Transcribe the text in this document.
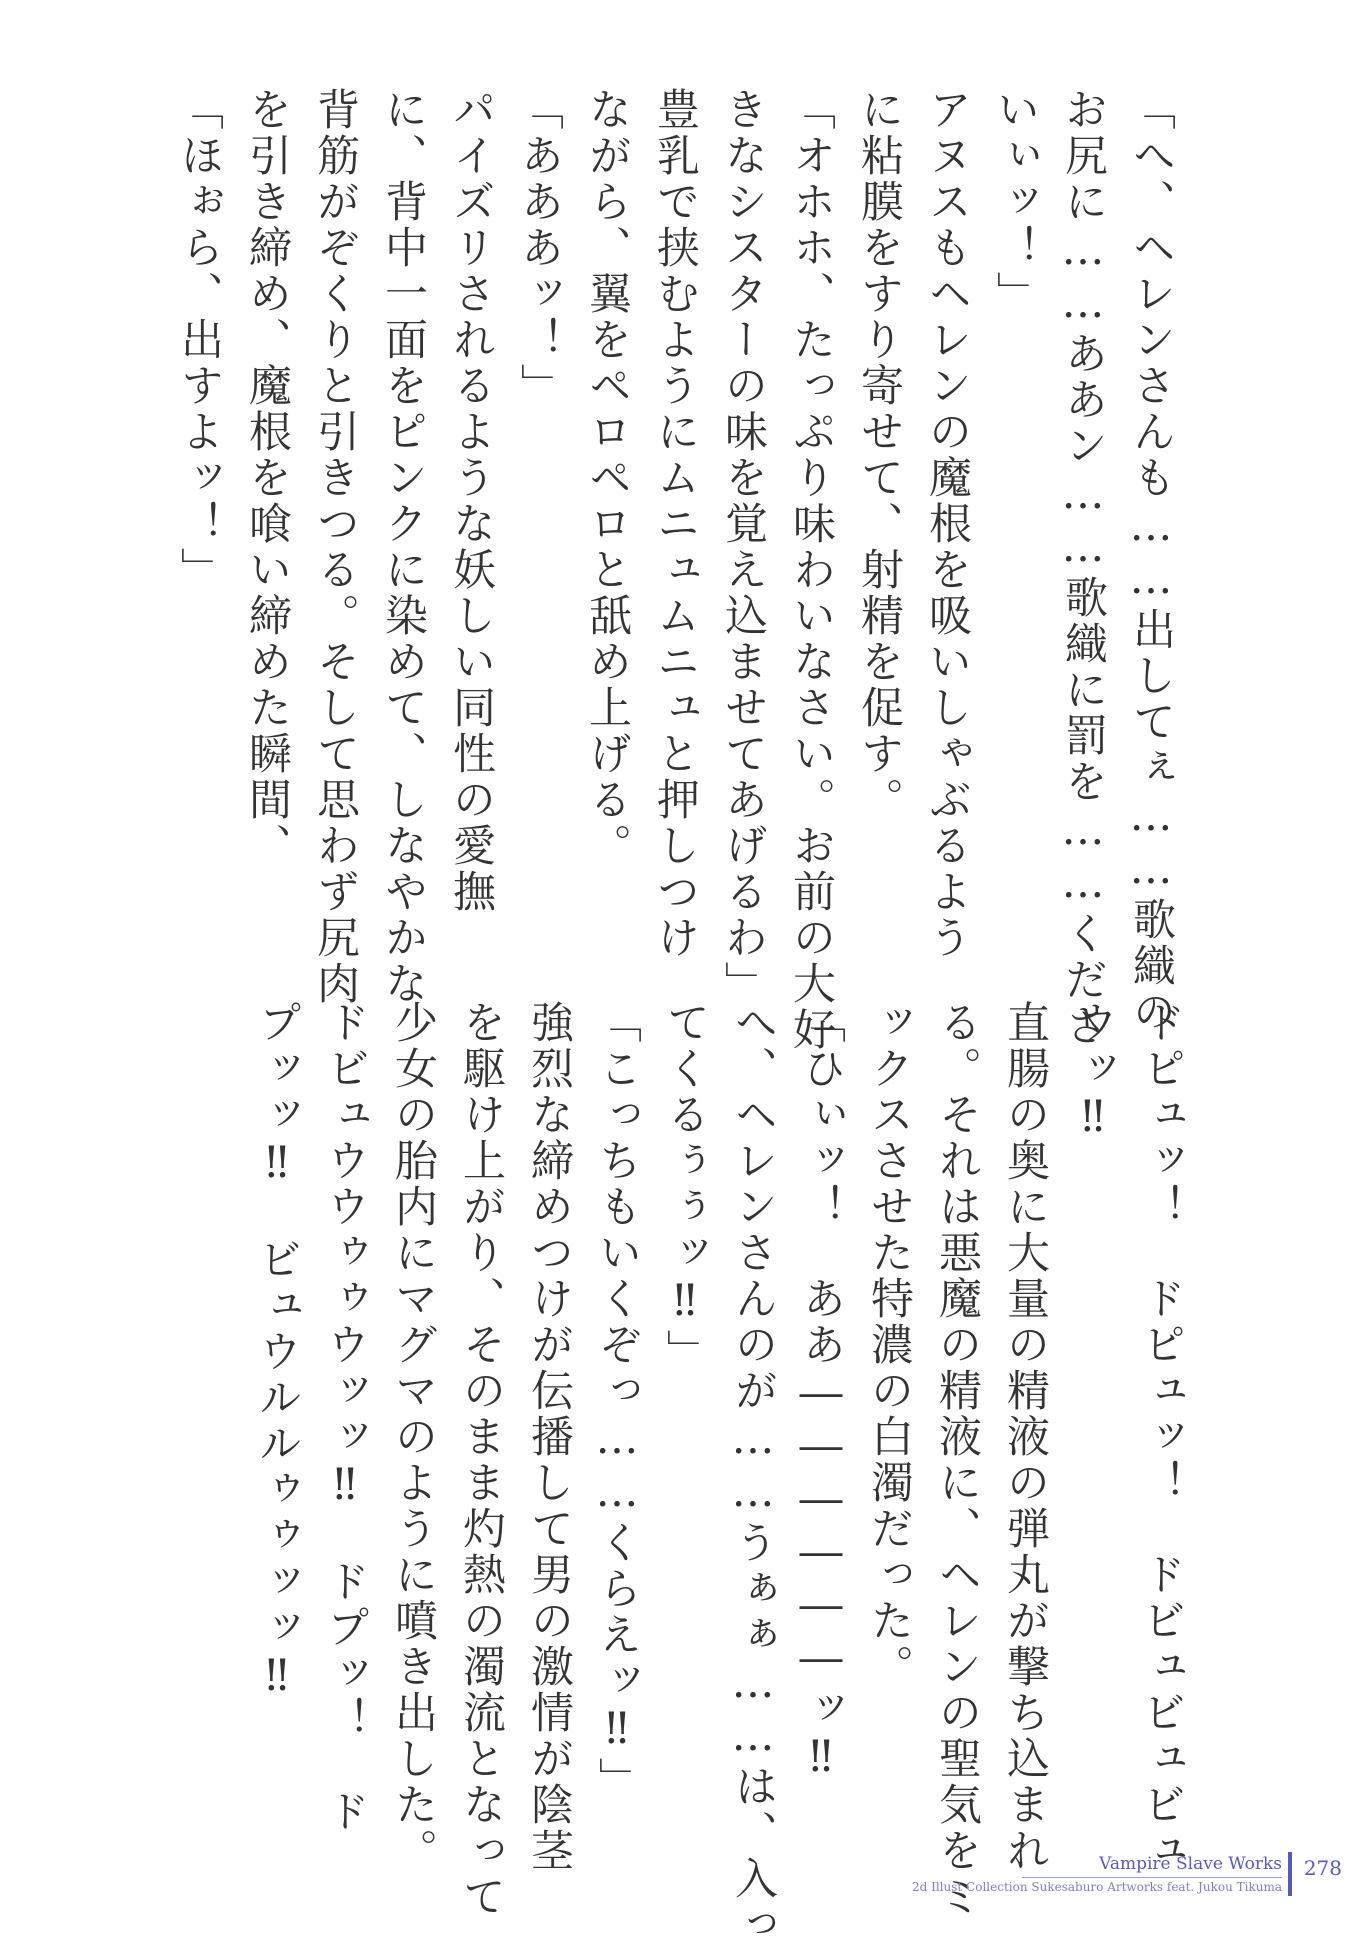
「へ、ヘレンさんも……出してぇ……歌織の

お尻に……ああン……歌織に罰を……くださ

いぃッ！」

アヌスもヘレンの魔根を吸いしゃぶるよう

に粘膜をすり寄せて、射精を促す。

「オホホ、たっぷり味わいなさい。お前の大好

きなシスターの味を覚え込ませてあげるわ」

豊乳で挟むようにムニュムニュと押しつけ

ながら、翼をペロペロと舐め上げる。

「あああッ！」

パイズリされるような妖しい同性の愛撫

に、背中一面をピンクに染めて、しなやかな

背筋がぞくりと引きつる。そして思わず尻肉

を引き締め、魔根を喰い締めた瞬間、

「ほぉら、出すよッ！」

ドピュッ！　ドピュッ！　ドビュビュビュ

ウッ‼

直腸の奥に大量の精液の弾丸が撃ち込まれ

る。それは悪魔の精液に、ヘレンの聖気をミ

ックスさせた特濃の白濁だった。

「ひぃッ！　ああ――――――ッ‼

へ、ヘレンさんのが……うぁぁ……は、入っ

てくるぅぅッ‼」

「こっちもいくぞっ……くらえッ‼」

強烈な締めつけが伝播して男の激情が陰茎

を駆け上がり、そのまま灼熱の濁流となって

少女の胎内にマグマのように噴き出した。

ドビュウウゥゥウッッ‼　ドプッ！　ド

プッッ‼　ビュウルルゥゥッッ‼

Vampire Slave Works
2d Illust Collection Sukesaburo Artworks feat. Jukou Tikuma
278
